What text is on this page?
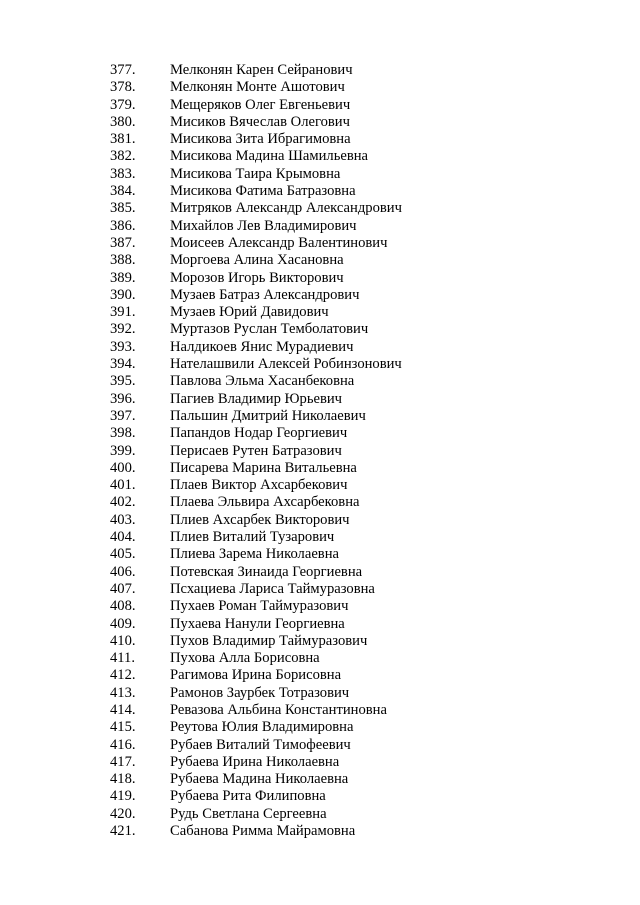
377.	Мелконян Карен Сейранович
378.	Мелконян Монте Ашотович
379.	Мещеряков Олег Евгеньевич
380.	Мисиков Вячеслав Олегович
381.	Мисикова Зита Ибрагимовна
382.	Мисикова Мадина Шамильевна
383.	Мисикова Таира Крымовна
384.	Мисикова Фатима Батразовна
385.	Митряков Александр Александрович
386.	Михайлов Лев Владимирович
387.	Моисеев Александр Валентинович
388.	Моргоева Алина Хасановна
389.	Морозов Игорь Викторович
390.	Музаев Батраз Александрович
391.	Музаев Юрий Давидович
392.	Муртазов Руслан Темболатович
393.	Налдикоев Янис Мурадиевич
394.	Нателашвили Алексей Робинзонович
395.	Павлова Эльма Хасанбековна
396.	Пагиев Владимир Юрьевич
397.	Пальшин Дмитрий Николаевич
398.	Папандов Нодар Георгиевич
399.	Перисаев Рутен Батразович
400.	Писарева Марина Витальевна
401.	Плаев Виктор Ахсарбекович
402.	Плаева Эльвира Ахсарбековна
403.	Плиев Ахсарбек Викторович
404.	Плиев Виталий Тузарович
405.	Плиева Зарема Николаевна
406.	Потевская Зинаида Георгиевна
407.	Псхациева Лариса Таймуразовна
408.	Пухаев Роман Таймуразович
409.	Пухаева Нанули Георгиевна
410.	Пухов Владимир Таймуразович
411.	Пухова Алла Борисовна
412.	Рагимова Ирина Борисовна
413.	Рамонов Заурбек Тотразович
414.	Ревазова Альбина Константиновна
415.	Реутова Юлия Владимировна
416.	Рубаев Виталий Тимофеевич
417.	Рубаева Ирина Николаевна
418.	Рубаева Мадина Николаевна
419.	Рубаева Рита Филиповна
420.	Рудь Светлана Сергеевна
421.	Сабанова Римма Майрамовна
